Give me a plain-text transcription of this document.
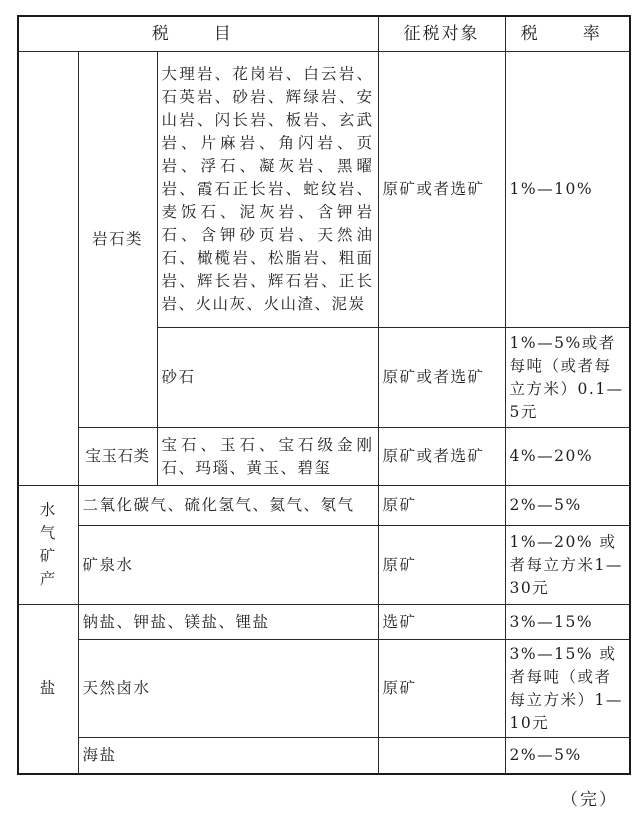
税　目			征税对象	税　率
	岩石类	大理岩、花岗岩、白云岩、石英岩、砂岩、辉绿岩、安山岩、闪长岩、板岩、玄武岩、片麻岩、角闪岩、页岩、浮石、凝灰岩、黑曜岩、霞石正长岩、蛇纹岩、麦饭石、泥灰岩、含钾岩石、含钾砂页岩、天然油石、橄榄岩、松脂岩、粗面岩、辉长岩、辉石岩、正长岩、火山灰、火山渣、泥炭	原矿或者选矿	1%—10%
		砂石	原矿或者选矿	1%—5%或者每吨（或者每立方米）0.1—5元
	宝玉石类	宝石、玉石、宝石级金刚石、玛瑙、黄玉、碧玺	原矿或者选矿	4%—20%
水气矿产	二氧化碳气、硫化氢气、氦气、氡气		原矿	2%—5%
	矿泉水		原矿	1%—20% 或者每立方米1—30元
盐	钠盐、钾盐、镁盐、锂盐		选矿	3%—15%
	天然卤水		原矿	3%—15% 或者每吨（或者每立方米）1—10元
	海盐			2%—5%
（完）
